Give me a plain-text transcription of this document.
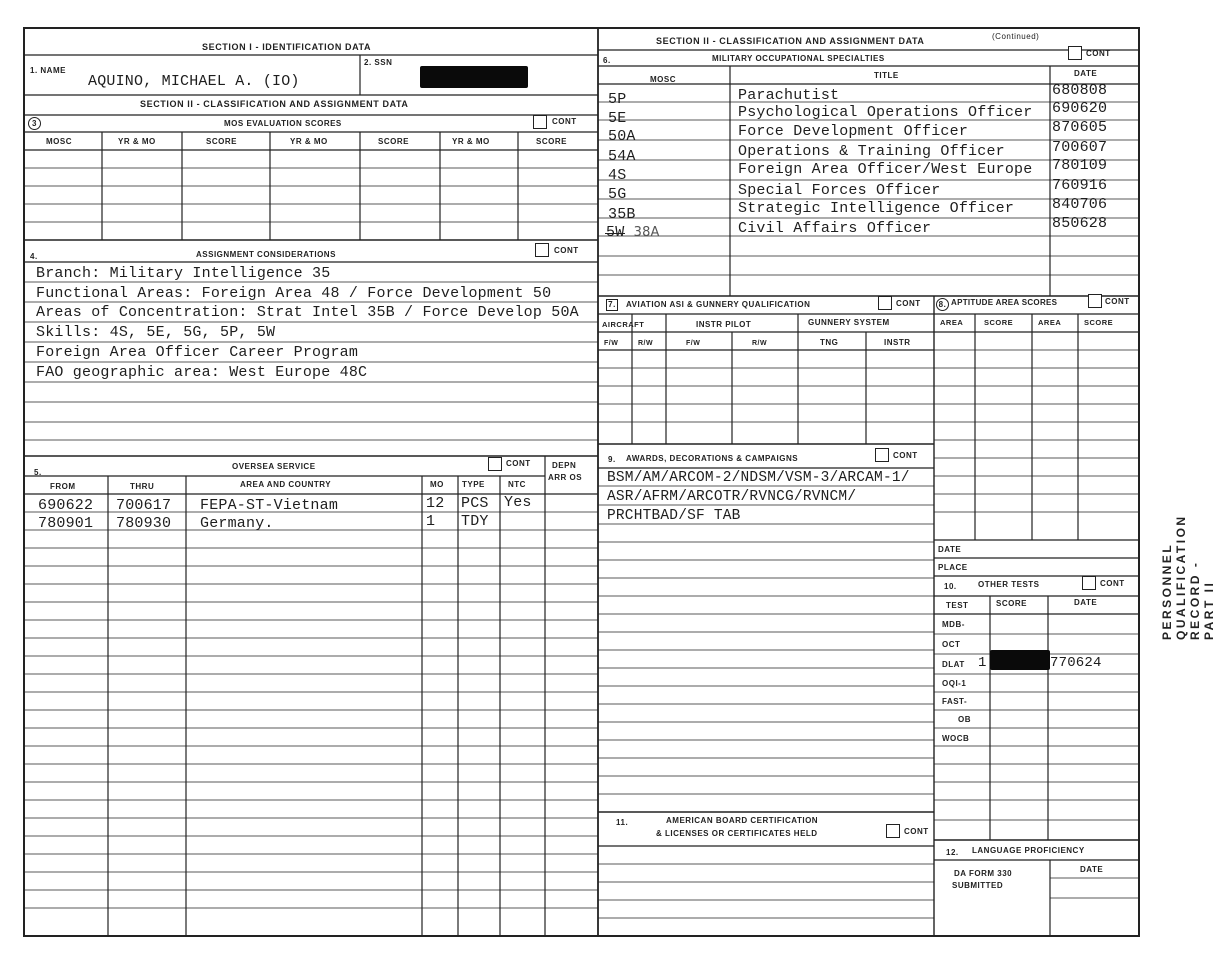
SECTION I - IDENTIFICATION DATA
1. NAME
AQUINO, MICHAEL A. (IO)
2. SSN
SECTION II - CLASSIFICATION AND ASSIGNMENT DATA
3	MOS EVALUATION SCORES	CONT
MOSC	YR & MO	SCORE	YR & MO	SCORE	YR & MO	SCORE
4.	ASSIGNMENT CONSIDERATIONS	CONT
Branch: Military Intelligence 35
Functional Areas: Foreign Area 48 / Force Development 50
Areas of Concentration: Strat Intel 35B / Force Develop 50A
Skills: 4S, 5E, 5G, 5P, 5W
Foreign Area Officer Career Program
FAO geographic area: West Europe 48C
5.
OVERSEA SERVICE	CONT	DEPN
ARR OS
FROM	THRU	AREA AND COUNTRY	MO TYPE	NTC
690622 700617 FEPA-ST-Vietnam	12 PCS Yes
780901 780930 Germany.	1 TDY
SECTION II - CLASSIFICATION AND ASSIGNMENT DATA	(Continued)
6.	MILITARY OCCUPATIONAL SPECIALTIES
CONT
MOSC	TITLE	DATE
5P	Parachutist	680808
5E	Psychological Operations Officer 690620
50A	Force Development Officer	870605
54A	Operations & Training Officer	700607
4S	Foreign Area Officer/West Europe 780109
5G	Special Forces Officer	760916
35B	Strategic Intelligence Officer	840706
5W 38A	Civil Affairs Officer	850628
7. AVIATION ASI & GUNNERY QUALIFICATION	CONT
AIRCRAFT	INSTR PILOT	GUNNERY SYSTEM
F/W	R/W	F/W	R/W	TNG	INSTR
8. APTITUDE AREA SCORES	CONT
AREA	SCORE	AREA	SCORE
DATE
PLACE
9. AWARDS, DECORATIONS & CAMPAIGNS	CONT
BSM/AM/ARCOM-2/NDSM/VSM-3/ARCAM-1/
ASR/AFRM/ARCOTR/RVNCG/RVNCM/
PRCHTBAD/SF TAB
10.	OTHER TESTS	CONT
TEST	SCORE	DATE
MDB-
OCT
DLAT 1	770624
OQI-1
FAST-
OB
WOCB
11.	AMERICAN BOARD CERTIFICATION
& LICENSES OR CERTIFICATES HELD	CONT
12. LANGUAGE PROFICIENCY
DA FORM 330
SUBMITTED
DATE
PERSONNEL QUALIFICATION RECORD - PART II
